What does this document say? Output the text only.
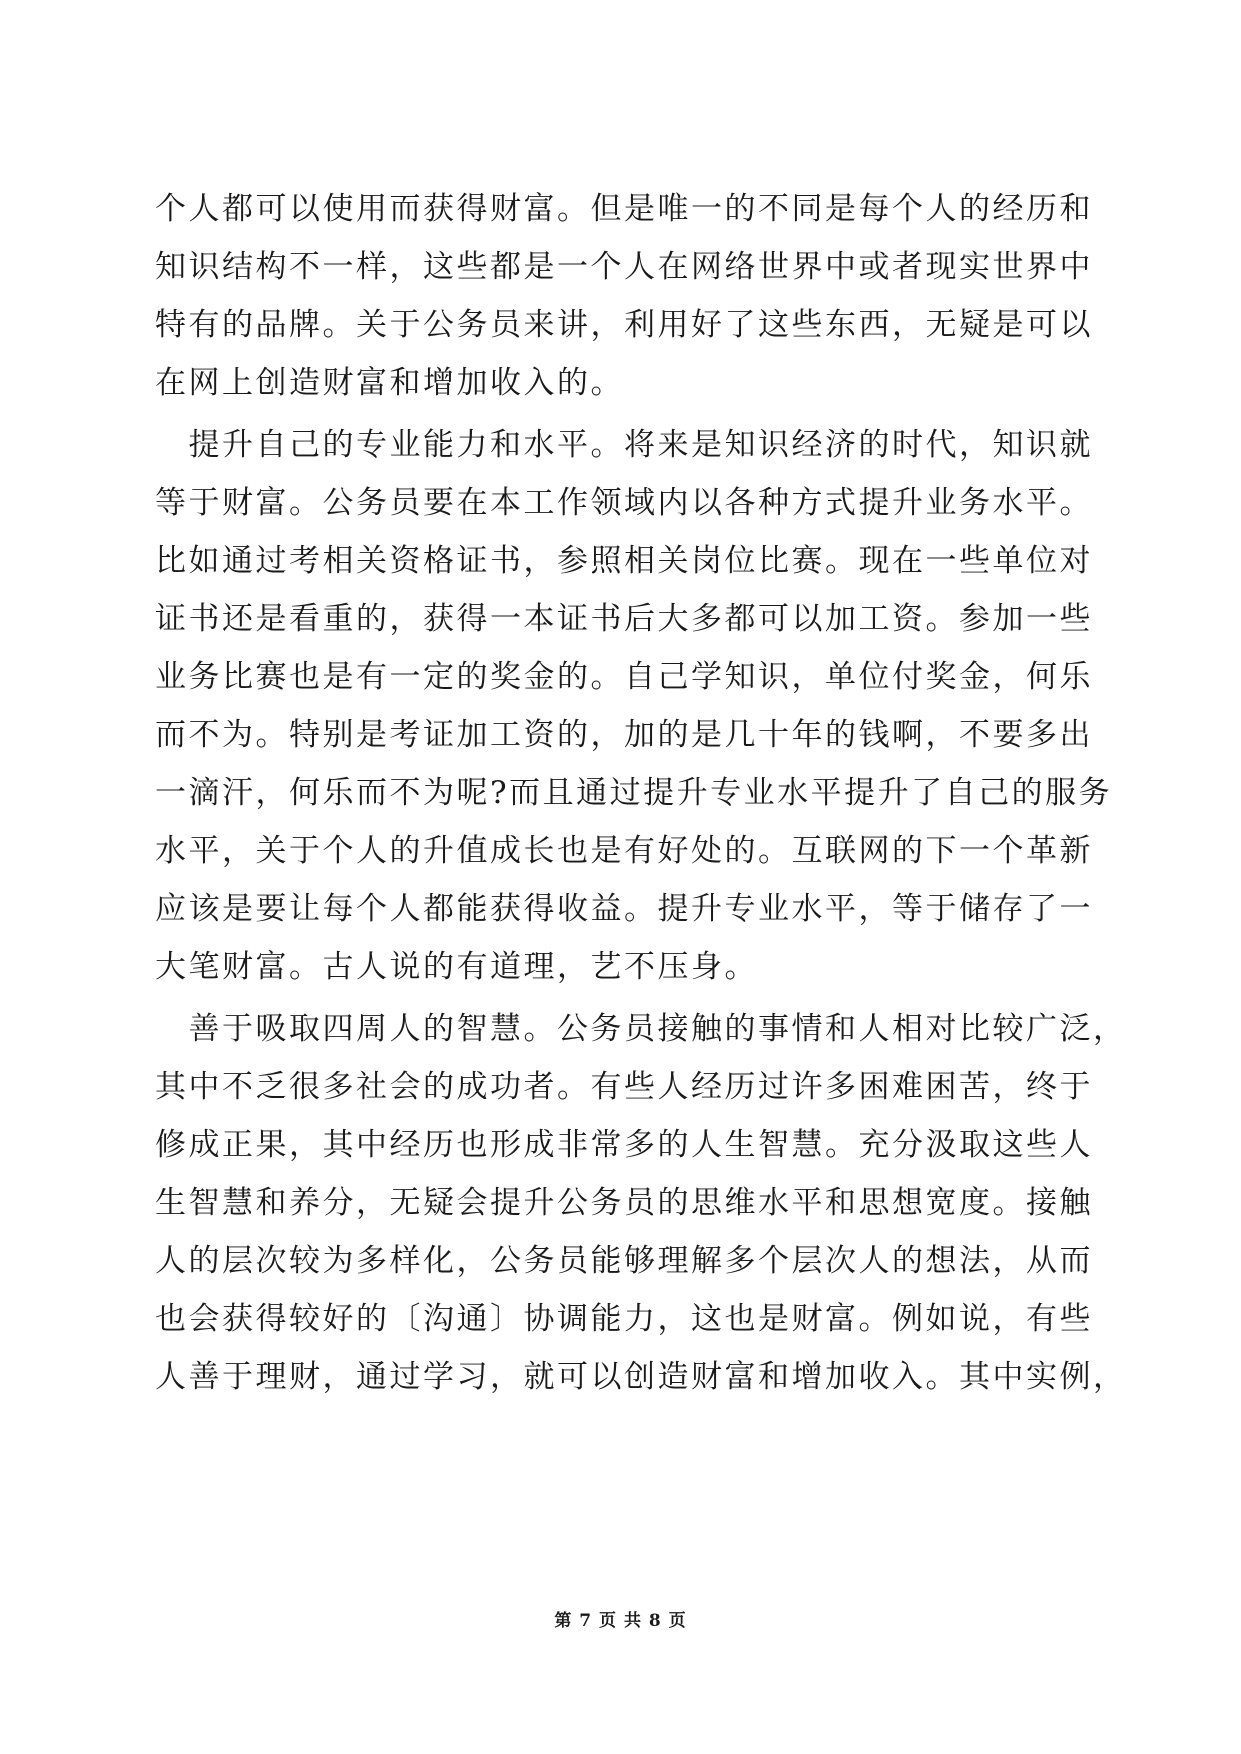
个人都可以使用而获得财富。但是唯一的不同是每个人的经历和
知识结构不一样，这些都是一个人在网络世界中或者现实世界中
特有的品牌。关于公务员来讲，利用好了这些东西，无疑是可以
在网上创造财富和增加收入的。
　提升自己的专业能力和水平。将来是知识经济的时代，知识就
等于财富。公务员要在本工作领域内以各种方式提升业务水平。
比如通过考相关资格证书，参照相关岗位比赛。现在一些单位对
证书还是看重的，获得一本证书后大多都可以加工资。参加一些
业务比赛也是有一定的奖金的。自己学知识，单位付奖金，何乐
而不为。特别是考证加工资的，加的是几十年的钱啊，不要多出
一滴汗，何乐而不为呢?而且通过提升专业水平提升了自己的服务
水平，关于个人的升值成长也是有好处的。互联网的下一个革新
应该是要让每个人都能获得收益。提升专业水平，等于储存了一
大笔财富。古人说的有道理，艺不压身。
　善于吸取四周人的智慧。公务员接触的事情和人相对比较广泛，
其中不乏很多社会的成功者。有些人经历过许多困难困苦，终于
修成正果，其中经历也形成非常多的人生智慧。充分汲取这些人
生智慧和养分，无疑会提升公务员的思维水平和思想宽度。接触
人的层次较为多样化，公务员能够理解多个层次人的想法，从而
也会获得较好的〔沟通〕协调能力，这也是财富。例如说，有些
人善于理财，通过学习，就可以创造财富和增加收入。其中实例，
第 7 页 共 8 页
